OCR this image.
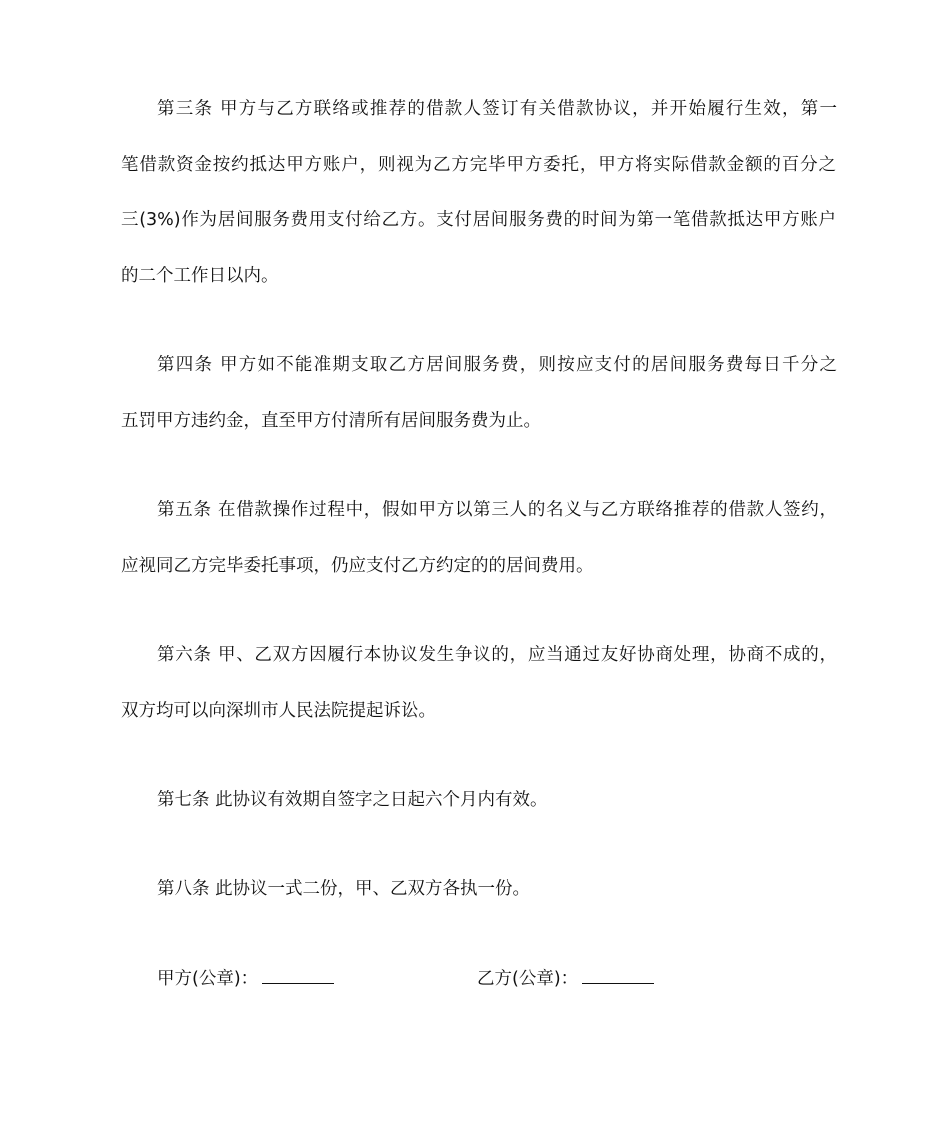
第三条 甲方与乙方联络或推荐的借款人签订有关借款协议，并开始履行生效，第一
笔借款资金按约抵达甲方账户，则视为乙方完毕甲方委托，甲方将实际借款金额的百分之
三(3%)作为居间服务费用支付给乙方。支付居间服务费的时间为第一笔借款抵达甲方账户
的二个工作日以内。
第四条 甲方如不能准期支取乙方居间服务费，则按应支付的居间服务费每日千分之
五罚甲方违约金，直至甲方付清所有居间服务费为止。
第五条 在借款操作过程中，假如甲方以第三人的名义与乙方联络推荐的借款人签约，
应视同乙方完毕委托事项，仍应支付乙方约定的的居间费用。
第六条 甲、乙双方因履行本协议发生争议的，应当通过友好协商处理，协商不成的，
双方均可以向深圳市人民法院提起诉讼。
第七条 此协议有效期自签字之日起六个月内有效。
第八条 此协议一式二份，甲、乙双方各执一份。
甲方(公章)：	乙方(公章)：
